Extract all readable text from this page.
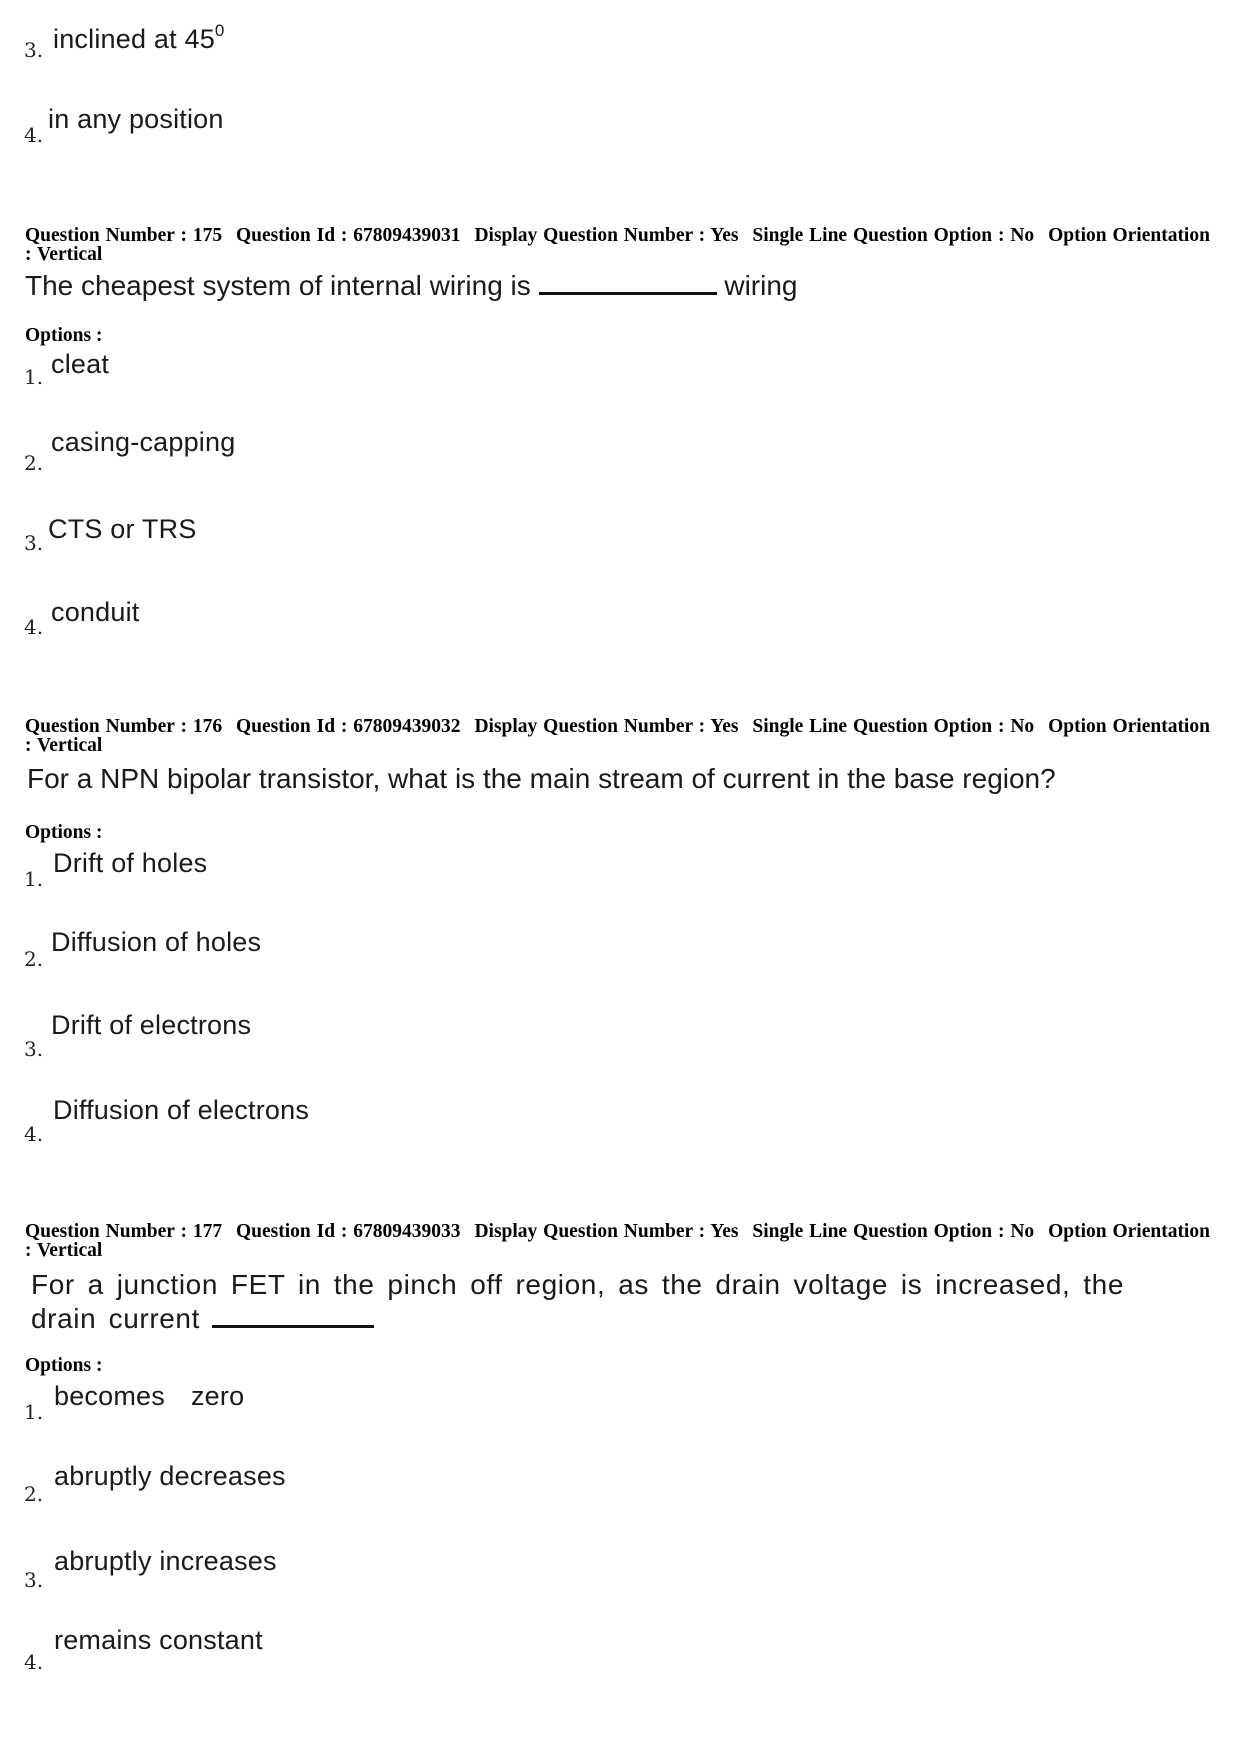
3. inclined at $45^0$
4.
in any position

Question Number : 175 Question Id : 67809439031 Display Question Number : Yes Single Line Question Option : No Option Orientation : Vertical

The cheapest system of internal wiring is	wiring
Options :
1. cleat
2.
casing-capping
3. CTS or TRS
4. conduit

Question Number : 176 Question Id : 67809439032 Display Question Number : Yes Single Line Question Option : No Option Orientation : Vertical

For a NPN bipolar transistor, what is the main stream of current in the base region?
Options :
1.
Drift of holes
2.
Diffusion of holes
3.
Drift of electrons
4.
Diffusion of electrons

Question Number : 177 Question Id : 67809439033 Display Question Number : Yes Single Line Question Option : No Option Orientation : Vertical

For a junction FET in the pinch off region, as the drain voltage is increased, the drain current
Options :
1.
becomes zero
2.
abruptly decreases
3.
abruptly increases
4.
remains constant
